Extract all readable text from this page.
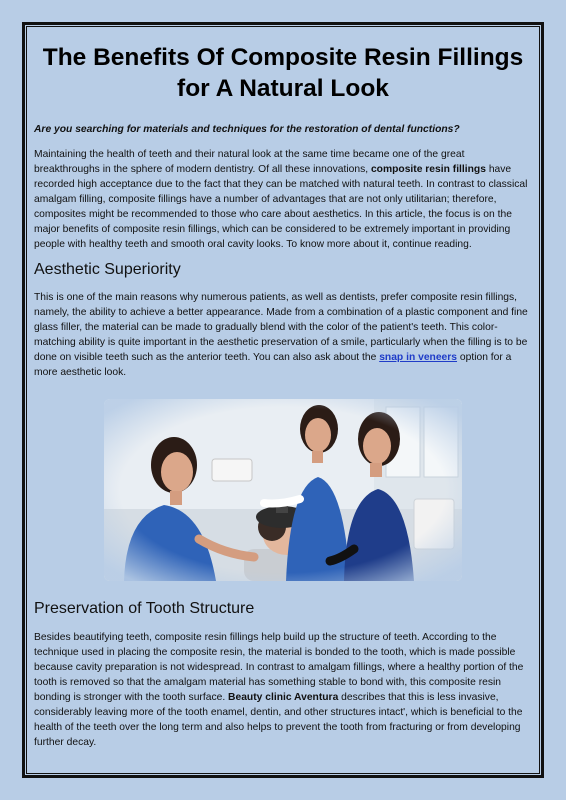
The Benefits Of Composite Resin Fillings
for A Natural Look
Are you searching for materials and techniques for the restoration of dental functions?

Maintaining the health of teeth and their natural look at the same time became one of the great breakthroughs in the sphere of modern dentistry. Of all these innovations, composite resin fillings have recorded high acceptance due to the fact that they can be matched with natural teeth. In contrast to classical amalgam filling, composite fillings have a number of advantages that are not only utilitarian; therefore, composites might be recommended to those who care about aesthetics. In this article, the focus is on the major benefits of composite resin fillings, which can be considered to be extremely important in providing people with healthy teeth and smooth oral cavity looks. To know more about it, continue reading.

Aesthetic Superiority

This is one of the main reasons why numerous patients, as well as dentists, prefer composite resin fillings, namely, the ability to achieve a better appearance. Made from a combination of a plastic component and fine glass filler, the material can be made to gradually blend with the color of the patient's teeth. This color-matching ability is quite important in the aesthetic preservation of a smile, particularly when the filling is to be done on visible teeth such as the anterior teeth. You can also ask about the snap in veneers option for a more aesthetic look.

Preservation of Tooth Structure

Besides beautifying teeth, composite resin fillings help build up the structure of teeth. According to the technique used in placing the composite resin, the material is bonded to the tooth, which is made possible because cavity preparation is not widespread. In contrast to amalgam fillings, where a healthy portion of the tooth is removed so that the amalgam material has something stable to bond with, this composite resin bonding is stronger with the tooth surface. Beauty clinic Aventura describes that this is less invasive, considerably leaving more of the tooth enamel, dentin, and other structures intact', which is beneficial to the health of the teeth over the long term and also helps to prevent the tooth from fracturing or from developing further decay.
